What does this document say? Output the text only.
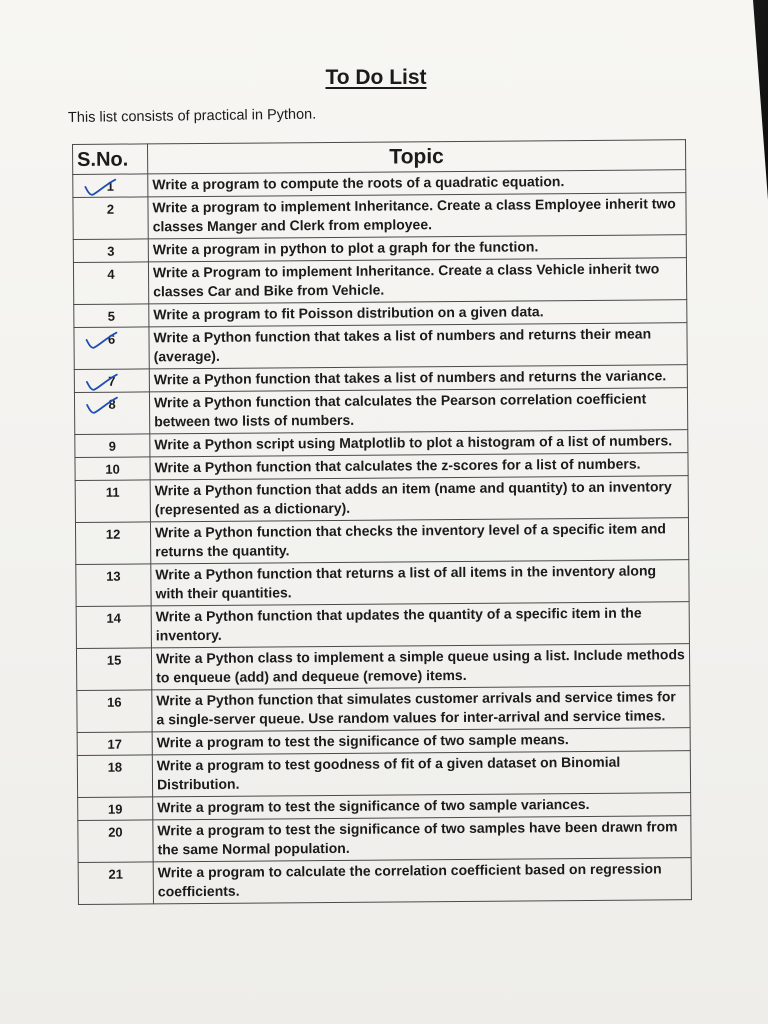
To Do List

This list consists of practical in Python.

S.No.	Topic
1	Write a program to compute the roots of a quadratic equation.
2	Write a program to implement Inheritance. Create a class Employee inherit two classes Manger and Clerk from employee.
3	Write a program in python to plot a graph for the function.
4	Write a Program to implement Inheritance. Create a class Vehicle inherit two classes Car and Bike from Vehicle.
5	Write a program to fit Poisson distribution on a given data.
6	Write a Python function that takes a list of numbers and returns their mean (average).
7	Write a Python function that takes a list of numbers and returns the variance.
8	Write a Python function that calculates the Pearson correlation coefficient between two lists of numbers.
9	Write a Python script using Matplotlib to plot a histogram of a list of numbers.
10	Write a Python function that calculates the z-scores for a list of numbers.
11	Write a Python function that adds an item (name and quantity) to an inventory (represented as a dictionary).
12	Write a Python function that checks the inventory level of a specific item and returns the quantity.
13	Write a Python function that returns a list of all items in the inventory along with their quantities.
14	Write a Python function that updates the quantity of a specific item in the inventory.
15	Write a Python class to implement a simple queue using a list. Include methods to enqueue (add) and dequeue (remove) items.
16	Write a Python function that simulates customer arrivals and service times for a single-server queue. Use random values for inter-arrival and service times.
17	Write a program to test the significance of two sample means.
18	Write a program to test goodness of fit of a given dataset on Binomial Distribution.
19	Write a program to test the significance of two sample variances.
20	Write a program to test the significance of two samples have been drawn from the same Normal population.
21	Write a program to calculate the correlation coefficient based on regression coefficients.
